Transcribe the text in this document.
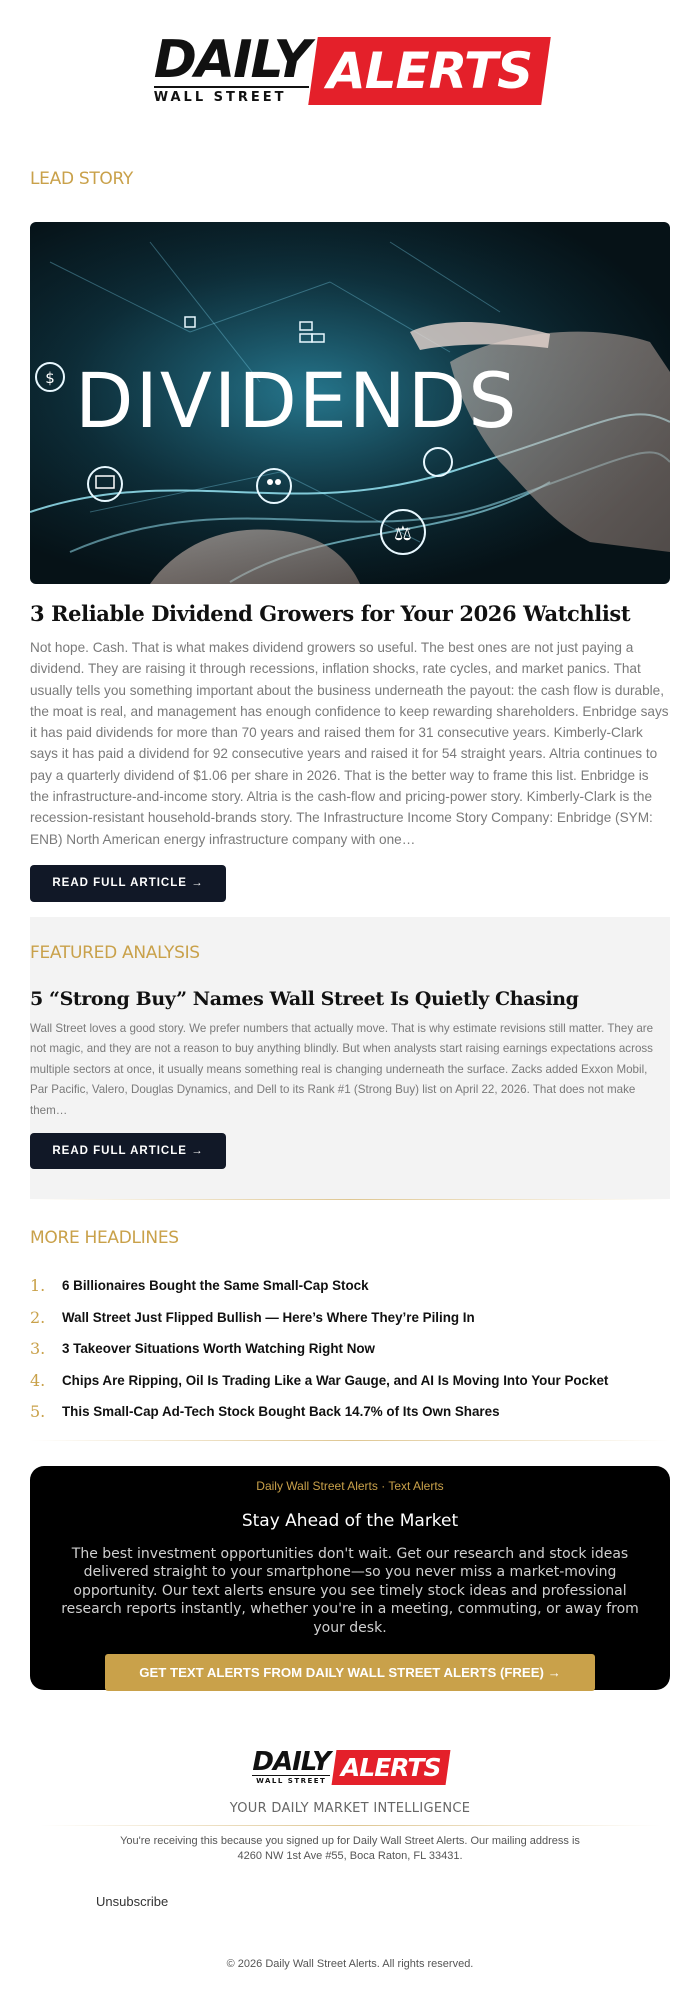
DAILY
WALL STREET ALERTS
LEAD STORY
$
⚖
DIVIDENDS
3 Reliable Dividend Growers for Your 2026 Watchlist
Not hope. Cash. That is what makes dividend growers so useful. The best ones are not just paying a dividend. They are raising it through recessions, inflation shocks, rate cycles, and market panics. That usually tells you something important about the business underneath the payout: the cash flow is durable, the moat is real, and management has enough confidence to keep rewarding shareholders. Enbridge says it has paid dividends for more than 70 years and raised them for 31 consecutive years. Kimberly-Clark says it has paid a dividend for 92 consecutive years and raised it for 54 straight years. Altria continues to pay a quarterly dividend of $1.06 per share in 2026. That is the better way to frame this list. Enbridge is the infrastructure-and-income story. Altria is the cash-flow and pricing-power story. Kimberly-Clark is the recession-resistant household-brands story. The Infrastructure Income Story Company: Enbridge (SYM: ENB) North American energy infrastructure company with one…
READ FULL ARTICLE →
FEATURED ANALYSIS
5 “Strong Buy” Names Wall Street Is Quietly Chasing
Wall Street loves a good story. We prefer numbers that actually move. That is why estimate revisions still matter. They are not magic, and they are not a reason to buy anything blindly. But when analysts start raising earnings expectations across multiple sectors at once, it usually means something real is changing underneath the surface. Zacks added Exxon Mobil, Par Pacific, Valero, Douglas Dynamics, and Dell to its Rank #1 (Strong Buy) list on April 22, 2026. That does not make them…
READ FULL ARTICLE →
MORE HEADLINES
1.	6 Billionaires Bought the Same Small-Cap Stock
2.	Wall Street Just Flipped Bullish — Here’s Where They’re Piling In
3.	3 Takeover Situations Worth Watching Right Now
4.	Chips Are Ripping, Oil Is Trading Like a War Gauge, and AI Is Moving Into Your Pocket
5.	This Small-Cap Ad-Tech Stock Bought Back 14.7% of Its Own Shares
Daily Wall Street Alerts · Text Alerts
Stay Ahead of the Market
The best investment opportunities don't wait. Get our research and stock ideas delivered straight to your smartphone—so you never miss a market-moving opportunity. Our text alerts ensure you see timely stock ideas and professional research reports instantly, whether you're in a meeting, commuting, or away from your desk.
GET TEXT ALERTS FROM DAILY WALL STREET ALERTS (FREE) →
DAILY
WALL STREET ALERTS
YOUR DAILY MARKET INTELLIGENCE
You're receiving this because you signed up for Daily Wall Street Alerts. Our mailing address is
4260 NW 1st Ave #55, Boca Raton, FL 33431.
Unsubscribe
© 2026 Daily Wall Street Alerts. All rights reserved.
